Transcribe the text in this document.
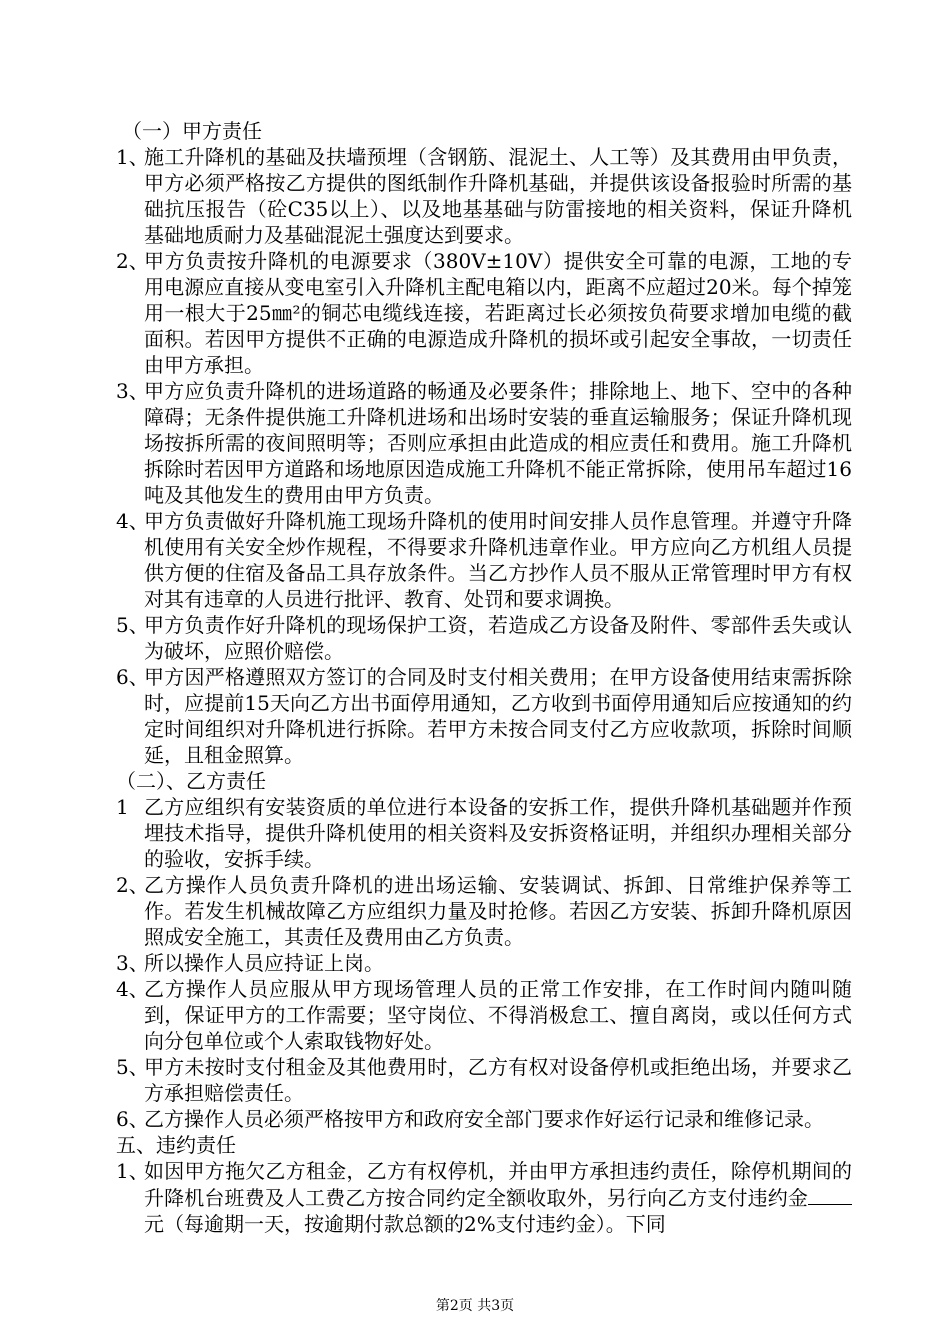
（一）甲方责任

1、
施工升降机的基础及扶墙预埋（含钢筋、混泥土、人工等）及其费用由甲负责，甲方必须严格按乙方提供的图纸制作升降机基础，并提供该设备报验时所需的基础抗压报告（砼C35以上）、以及地基基础与防雷接地的相关资料，保证升降机基础地质耐力及基础混泥土强度达到要求。

2、
甲方负责按升降机的电源要求（380V±10V）提供安全可靠的电源，工地的专用电源应直接从变电室引入升降机主配电箱以内，距离不应超过20米。每个掉笼用一根大于25㎜²的铜芯电缆线连接，若距离过长必须按负荷要求增加电缆的截面积。若因甲方提供不正确的电源造成升降机的损坏或引起安全事故，一切责任由甲方承担。

3、
甲方应负责升降机的进场道路的畅通及必要条件；排除地上、地下、空中的各种障碍；无条件提供施工升降机进场和出场时安装的垂直运输服务；保证升降机现场按拆所需的夜间照明等；否则应承担由此造成的相应责任和费用。施工升降机拆除时若因甲方道路和场地原因造成施工升降机不能正常拆除，使用吊车超过16吨及其他发生的费用由甲方负责。

4、
甲方负责做好升降机施工现场升降机的使用时间安排人员作息管理。并遵守升降机使用有关安全炒作规程，不得要求升降机违章作业。甲方应向乙方机组人员提供方便的住宿及备品工具存放条件。当乙方抄作人员不服从正常管理时甲方有权对其有违章的人员进行批评、教育、处罚和要求调换。

5、
甲方负责作好升降机的现场保护工资，若造成乙方设备及附件、零部件丢失或认为破坏，应照价赔偿。

6、
甲方因严格遵照双方签订的合同及时支付相关费用；在甲方设备使用结束需拆除时，应提前15天向乙方出书面停用通知，乙方收到书面停用通知后应按通知的约定时间组织对升降机进行拆除。若甲方未按合同支付乙方应收款项，拆除时间顺延，且租金照算。

（二）、乙方责任

1 乙方应组织有安装资质的单位进行本设备的安拆工作，提供升降机基础题并作预埋技术指导，提供升降机使用的相关资料及安拆资格证明，并组织办理相关部分的验收，安拆手续。

2、
乙方操作人员负责升降机的进出场运输、安装调试、拆卸、日常维护保养等工作。若发生机械故障乙方应组织力量及时抢修。若因乙方安装、拆卸升降机原因照成安全施工，其责任及费用由乙方负责。

3、
所以操作人员应持证上岗。

4、
乙方操作人员应服从甲方现场管理人员的正常工作安排，在工作时间内随叫随到，保证甲方的工作需要；坚守岗位、不得消极怠工、擅自离岗，或以任何方式向分包单位或个人索取钱物好处。

5、
甲方未按时支付租金及其他费用时，乙方有权对设备停机或拒绝出场，并要求乙方承担赔偿责任。

6、
乙方操作人员必须严格按甲方和政府安全部门要求作好运行记录和维修记录。

五、违约责任

1、
如因甲方拖欠乙方租金，乙方有权停机，并由甲方承担违约责任，除停机期间的升降机台班费及人工费乙方按合同约定全额收取外，另行向乙方支付违约金元（每逾期一天，按逾期付款总额的2%支付违约金）。下同

第2页 共3页
